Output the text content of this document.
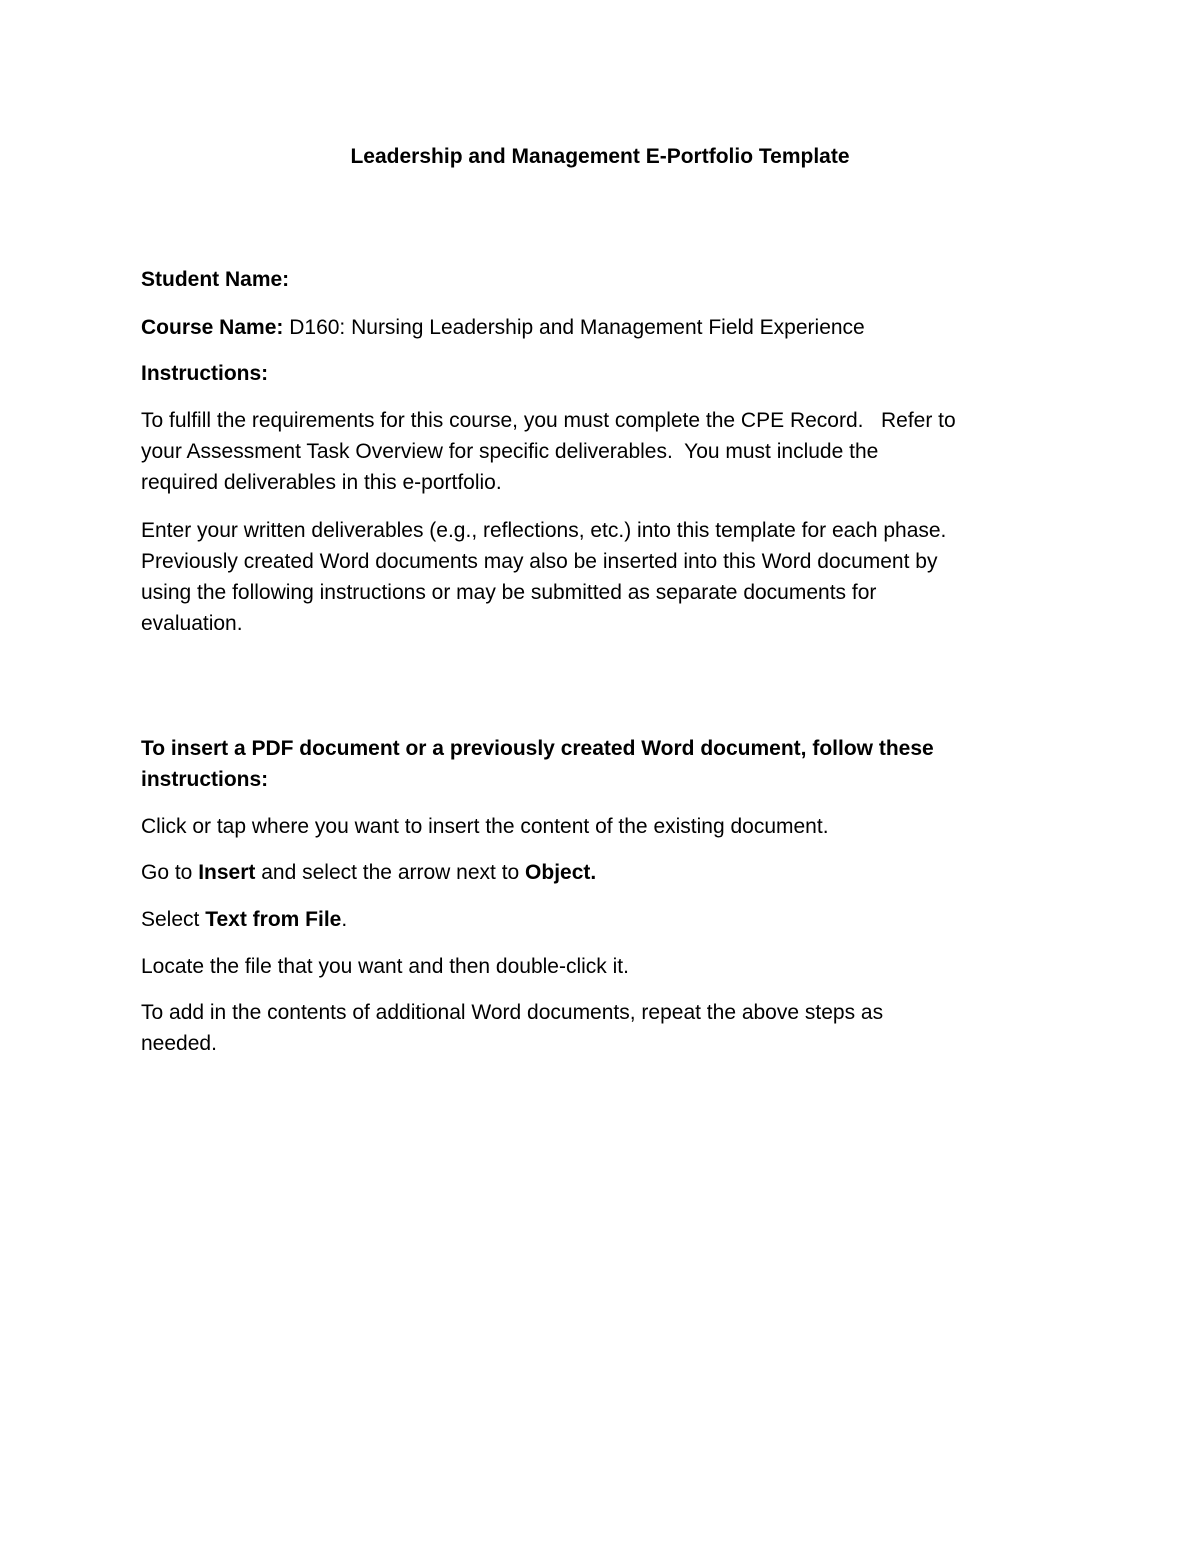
Leadership and Management E-Portfolio Template

Student Name:

Course Name: D160: Nursing Leadership and Management Field Experience

Instructions:

To fulfill the requirements for this course, you must complete the CPE Record.   Refer to
your Assessment Task Overview for specific deliverables.  You must include the
required deliverables in this e-portfolio.

Enter your written deliverables (e.g., reflections, etc.) into this template for each phase.
Previously created Word documents may also be inserted into this Word document by
using the following instructions or may be submitted as separate documents for
evaluation.

To insert a PDF document or a previously created Word document, follow these
instructions:

Click or tap where you want to insert the content of the existing document.

Go to Insert and select the arrow next to Object.

Select Text from File.

Locate the file that you want and then double-click it.

To add in the contents of additional Word documents, repeat the above steps as
needed.
